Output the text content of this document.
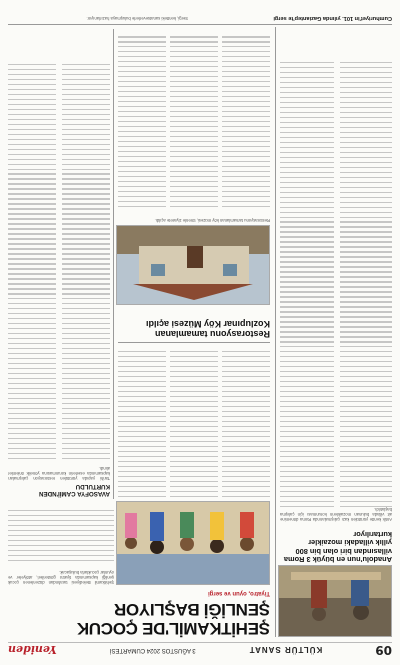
09
KÜLTÜR SANAT
3 AĞUSTOS 2024 CUMARTESİ
Yeniden
Anadolu'nun en büyük 3 Roma villasından biri olan bin 800 yıllık villadaki mozaikler kurtarılıyor
Antik kentte yürütülen kazı çalışmalarında Roma dönemine ait villada bulunan mozaiklerin korunması için çalışma başlatıldı.
ŞEHİTKAMİL'DE ÇOCUK
ŞENLİĞİ BAŞLIYOR
Tiyatro, oyun ve sergi
Şehitkamil Belediyesi tarafından düzenlenen çocuk şenliği kapsamında tiyatro gösterileri, atölyeler ve oyunlar çocuklarla buluşacak.
AVASOFYA CAMİİ'NDEN KURTULDU
Tarihi yapıda yürütülen restorasyon çalışmaları kapsamında eserlerin korunmasına yönelik önlemler alındı.
Restorasyonu tamamlanan Kozlupınar Köy Müzesi açıldı
Restorasyonu tamamlanan köy müzesi, törenle ziyarete açıldı.
Cumhuriyet'in 101. yılında Gaziantep'te sergi
Sergi, kentteki sanatseverlerle buluşmaya hazırlanıyor.
